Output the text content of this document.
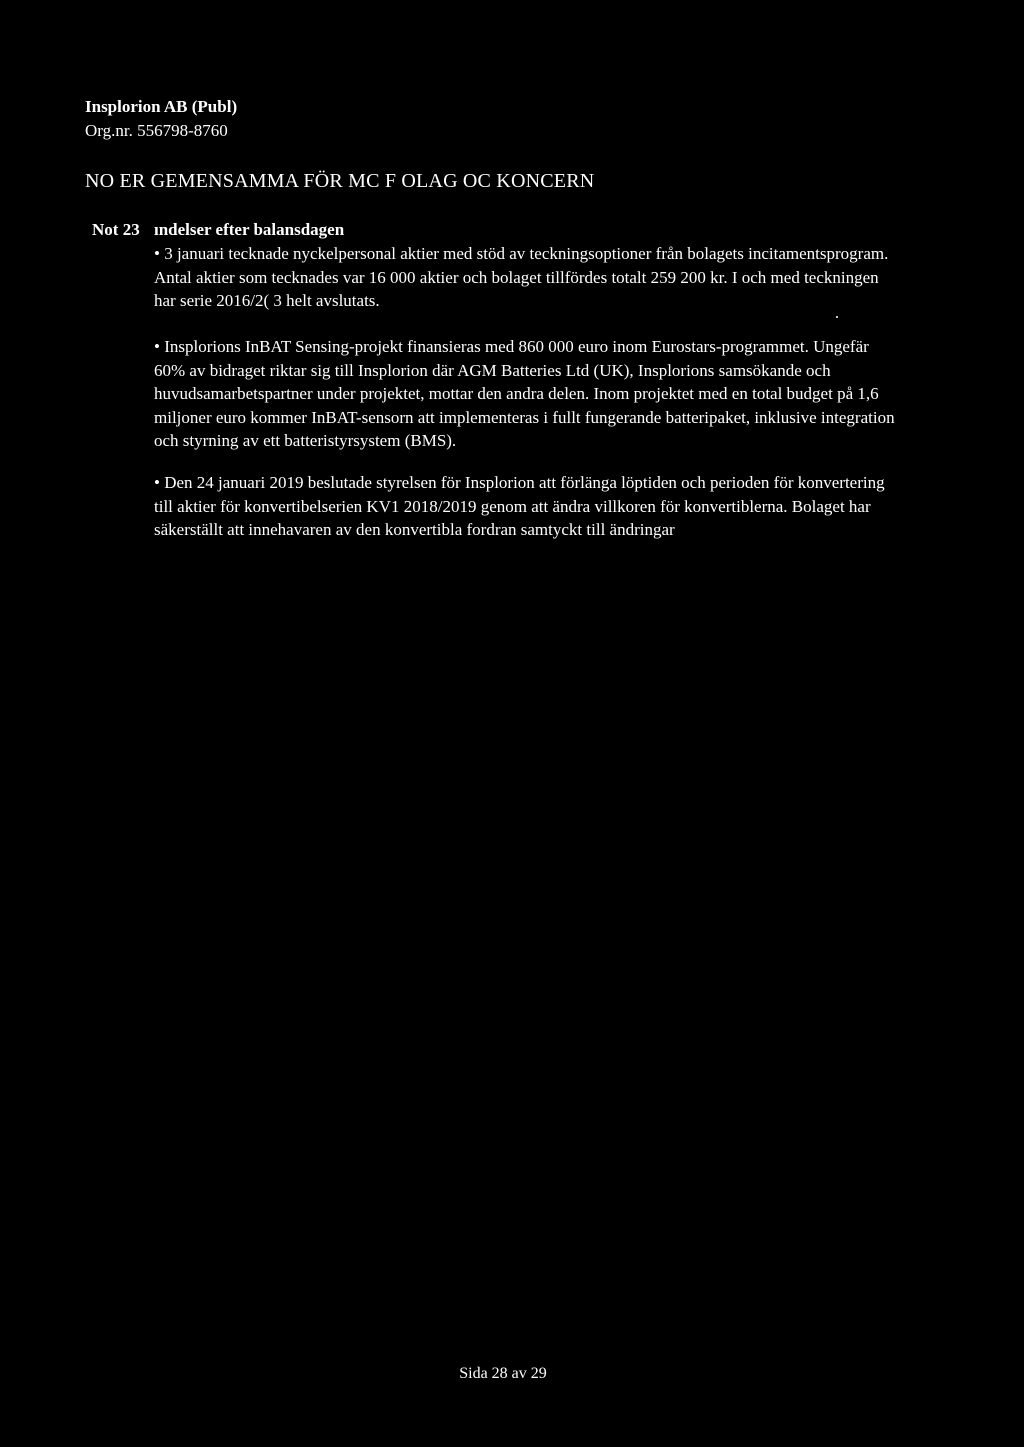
Insplorion AB (Publ)
Org.nr. 556798-8760
NO ER GEMENSAMMA FÖR MC F OLAG OC KONCERN
Not 23 ındelser efter balansdagen

• 3 januari tecknade nyckelpersonal aktier med stöd av teckningsoptioner från bolagets incitamentsprogram. Antal aktier som tecknades var 16 000 aktier och bolaget tillfördes totalt 259 200 kr. I och med teckningen har serie 2016/2( 3 helt avslutats.

• Insplorions InBAT Sensing-projekt finansieras med 860 000 euro inom Eurostars-programmet. Ungefär 60% av bidraget riktar sig till Insplorion där AGM Batteries Ltd (UK), Insplorions samsökande och huvudsamarbetspartner under projektet, mottar den andra delen. Inom projektet med en total budget på 1,6 miljoner euro kommer InBAT-sensorn att implementeras i fullt fungerande batteripaket, inklusive integration och styrning av ett batteristyrsystem (BMS).

• Den 24 januari 2019 beslutade styrelsen för Insplorion att förlänga löptiden och perioden för konvertering till aktier för konvertibelserien KV1 2018/2019 genom att ändra villkoren för konvertiblerna. Bolaget har säkerställt att innehavaren av den konvertibla fordran samtyckt till ändringar

Sida 28 av 29
